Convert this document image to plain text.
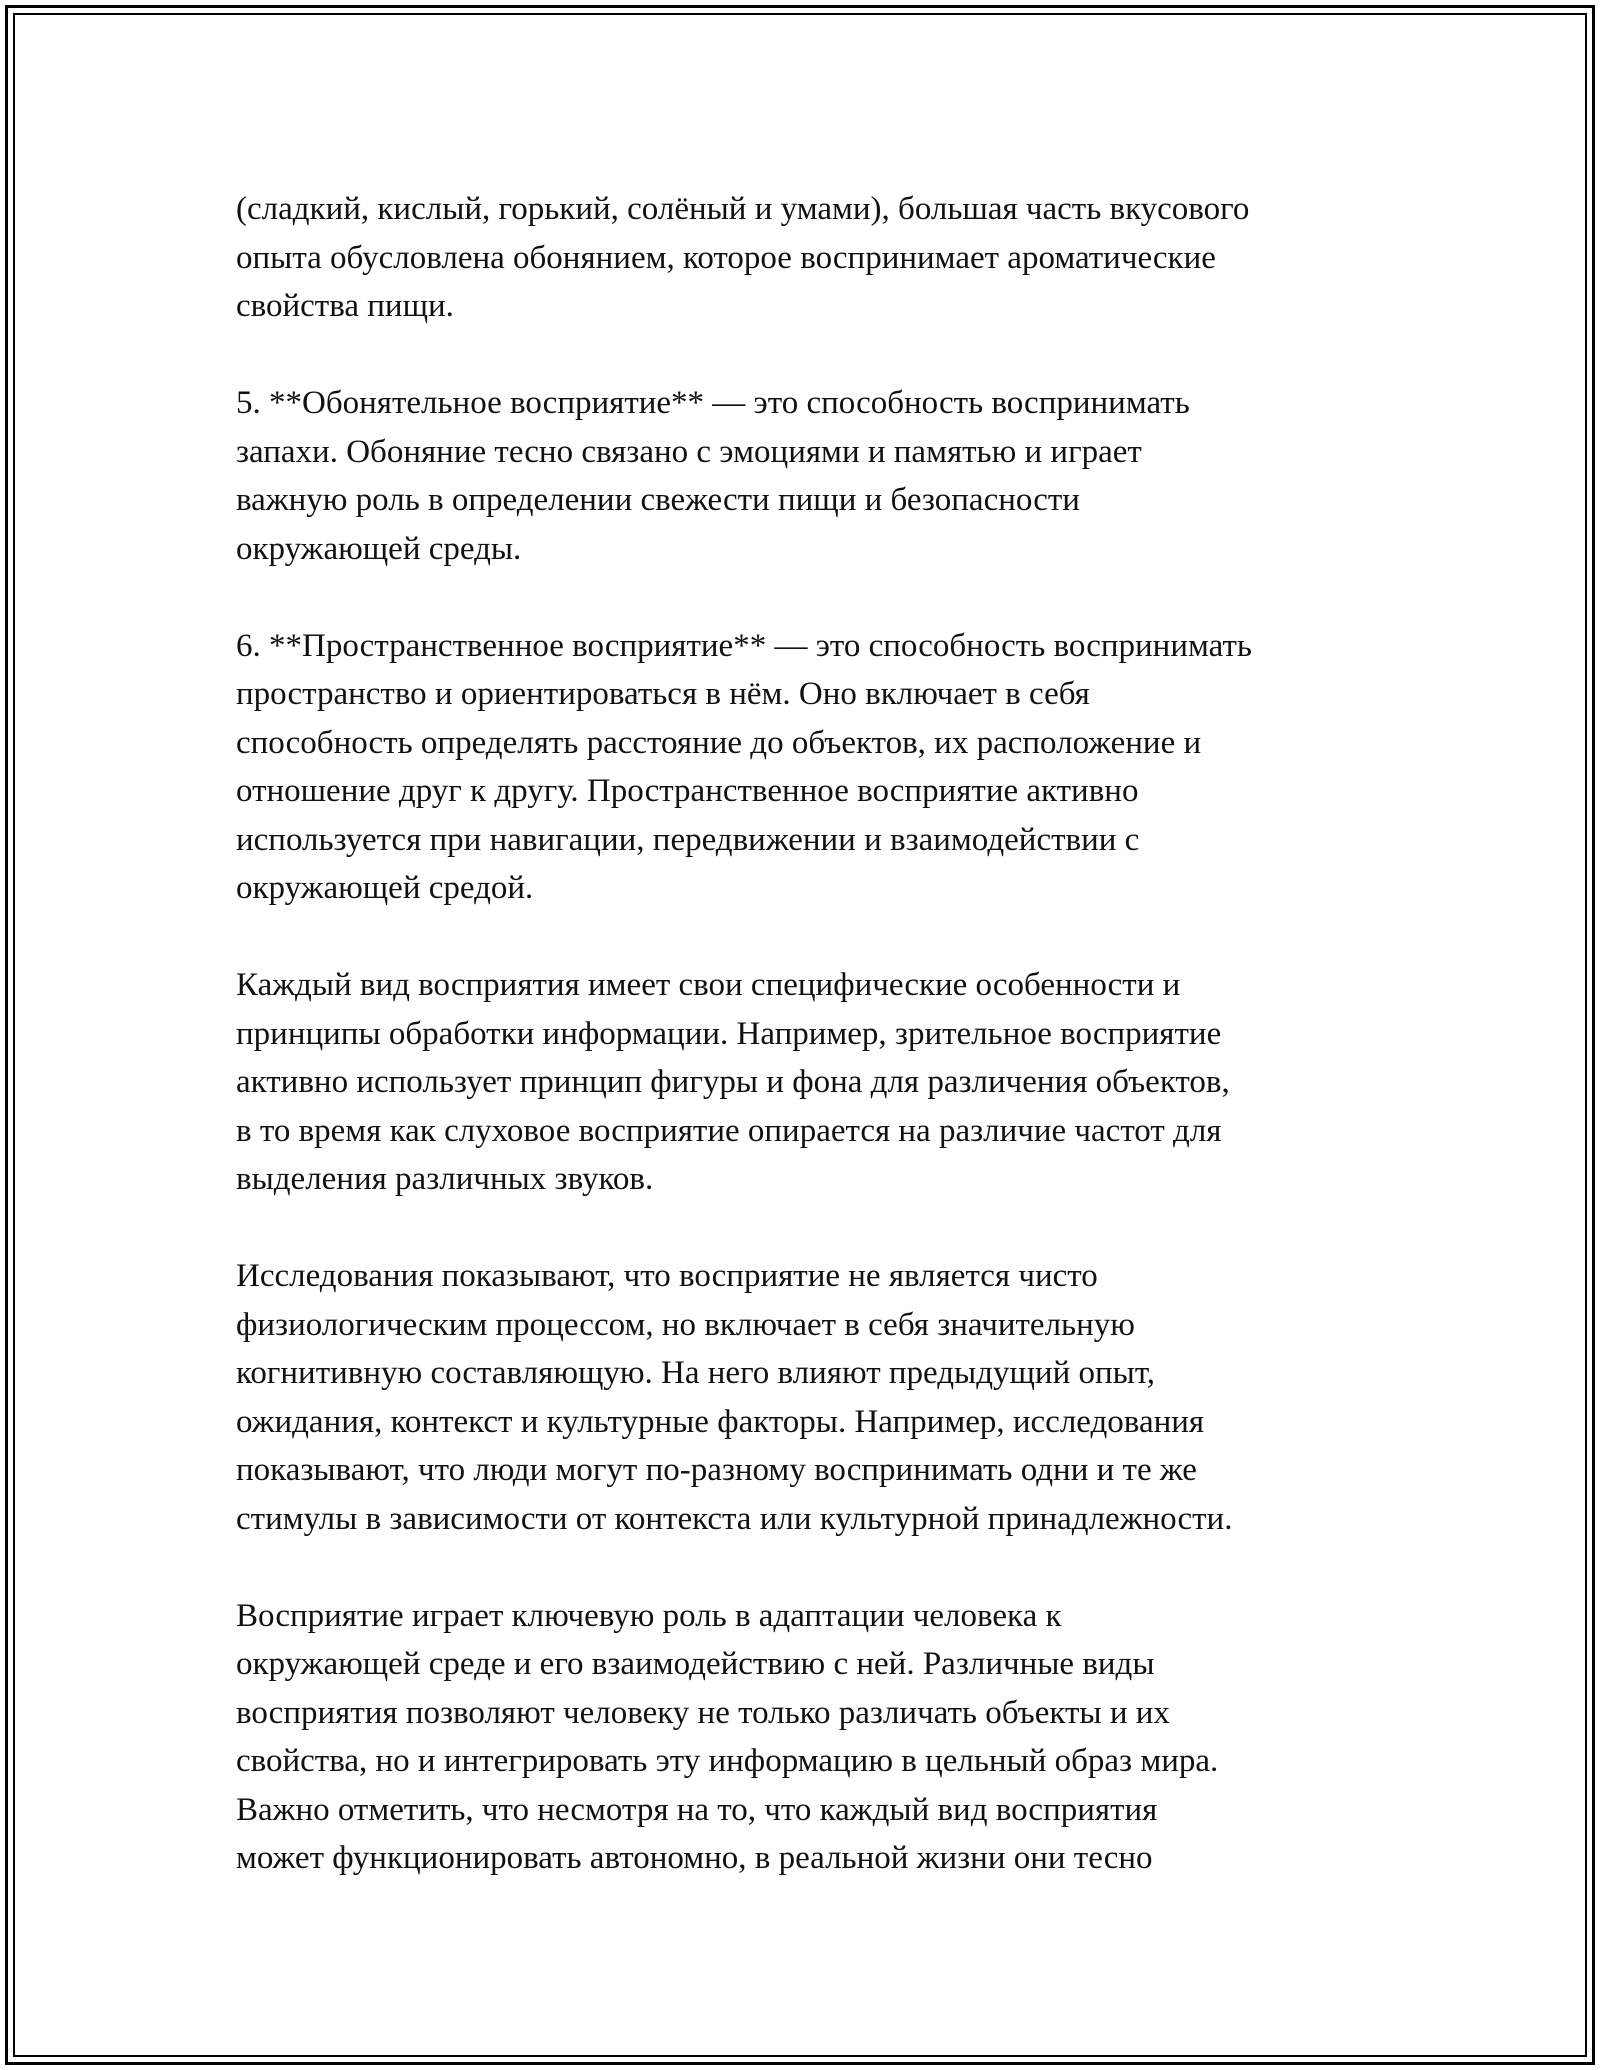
(сладкий, кислый, горький, солёный и умами), большая часть вкусового
опыта обусловлена обонянием, которое воспринимает ароматические
свойства пищи.
5. **Обонятельное восприятие** — это способность воспринимать
запахи. Обоняние тесно связано с эмоциями и памятью и играет
важную роль в определении свежести пищи и безопасности
окружающей среды.
6. **Пространственное восприятие** — это способность воспринимать
пространство и ориентироваться в нём. Оно включает в себя
способность определять расстояние до объектов, их расположение и
отношение друг к другу. Пространственное восприятие активно
используется при навигации, передвижении и взаимодействии с
окружающей средой.
Каждый вид восприятия имеет свои специфические особенности и
принципы обработки информации. Например, зрительное восприятие
активно использует принцип фигуры и фона для различения объектов,
в то время как слуховое восприятие опирается на различие частот для
выделения различных звуков.
Исследования показывают, что восприятие не является чисто
физиологическим процессом, но включает в себя значительную
когнитивную составляющую. На него влияют предыдущий опыт,
ожидания, контекст и культурные факторы. Например, исследования
показывают, что люди могут по-разному воспринимать одни и те же
стимулы в зависимости от контекста или культурной принадлежности.
Восприятие играет ключевую роль в адаптации человека к
окружающей среде и его взаимодействию с ней. Различные виды
восприятия позволяют человеку не только различать объекты и их
свойства, но и интегрировать эту информацию в цельный образ мира.
Важно отметить, что несмотря на то, что каждый вид восприятия
может функционировать автономно, в реальной жизни они тесно
